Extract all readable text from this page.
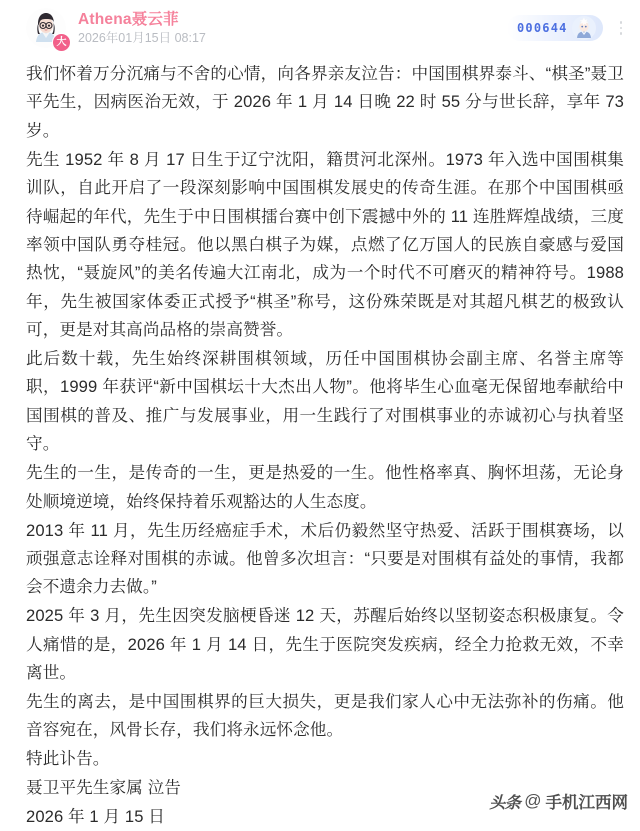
大
Athena聂云菲
2026年01月15日 08:17
000644

我们怀着万分沉痛与不舍的心情，向各界亲友泣告：中国围棋界泰斗、“棋圣”聂卫平先生，因病医治无效，于 2026 年 1 月 14 日晚 22 时 55 分与世长辞，享年 73 岁。

先生 1952 年 8 月 17 日生于辽宁沈阳，籍贯河北深州。1973 年入选中国围棋集训队，自此开启了一段深刻影响中国围棋发展史的传奇生涯。在那个中国围棋亟待崛起的年代，先生于中日围棋擂台赛中创下震撼中外的 11 连胜辉煌战绩，三度率领中国队勇夺桂冠。他以黑白棋子为媒，点燃了亿万国人的民族自豪感与爱国热忱，“聂旋风”的美名传遍大江南北，成为一个时代不可磨灭的精神符号。1988 年，先生被国家体委正式授予“棋圣”称号，这份殊荣既是对其超凡棋艺的极致认可，更是对其高尚品格的崇高赞誉。

此后数十载，先生始终深耕围棋领域，历任中国围棋协会副主席、名誉主席等职，1999 年获评“新中国棋坛十大杰出人物”。他将毕生心血毫无保留地奉献给中国围棋的普及、推广与发展事业，用一生践行了对围棋事业的赤诚初心与执着坚守。

先生的一生，是传奇的一生，更是热爱的一生。他性格率真、胸怀坦荡，无论身处顺境逆境，始终保持着乐观豁达的人生态度。

2013 年 11 月，先生历经癌症手术，术后仍毅然坚守热爱、活跃于围棋赛场，以顽强意志诠释对围棋的赤诚。他曾多次坦言：“只要是对围棋有益处的事情，我都会不遗余力去做。”

2025 年 3 月，先生因突发脑梗昏迷 12 天，苏醒后始终以坚韧姿态积极康复。令人痛惜的是，2026 年 1 月 14 日，先生于医院突发疾病，经全力抢救无效，不幸离世。

先生的离去，是中国围棋界的巨大损失，更是我们家人心中无法弥补的伤痛。他音容宛在，风骨长存，我们将永远怀念他。

特此讣告。

聂卫平先生家属 泣告

2026 年 1 月 15 日

头条 @ 手机江西网
